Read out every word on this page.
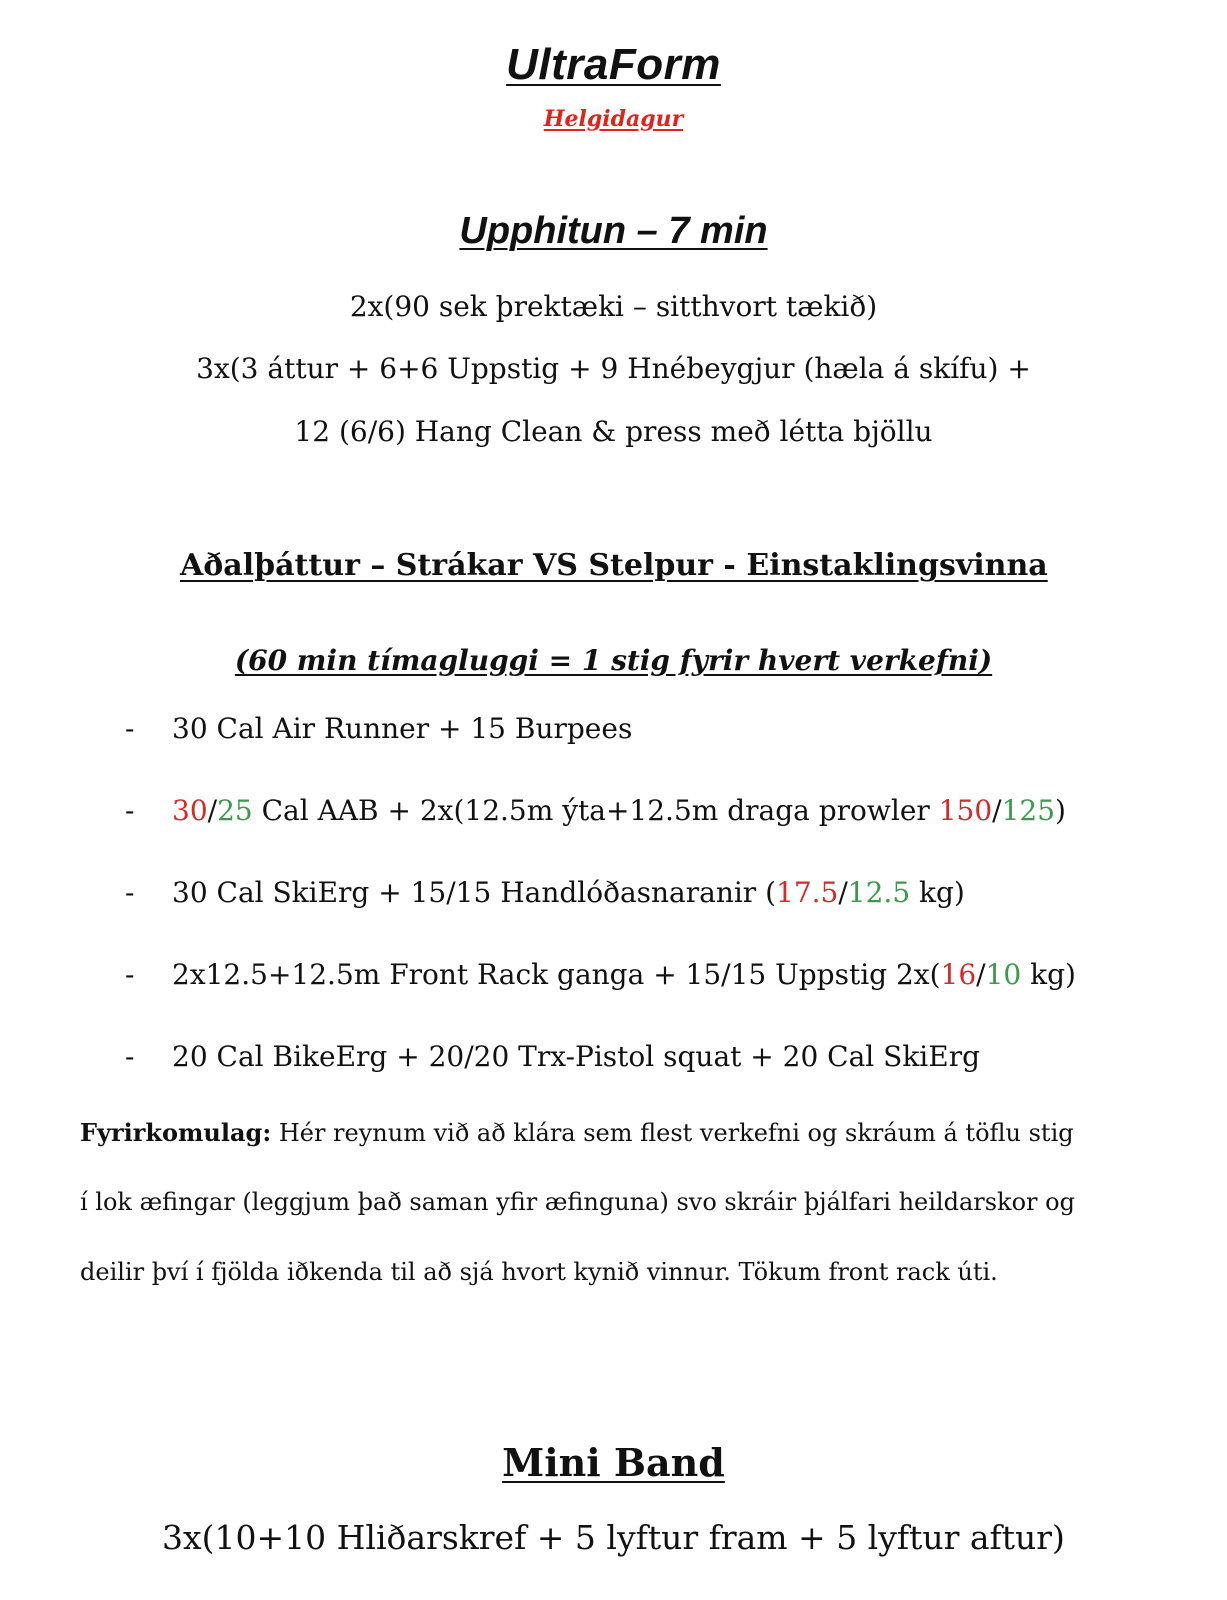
UltraForm
Helgidagur
Upphitun – 7 min
2x(90 sek þrektæki – sitthvort tækið)
3x(3 áttur + 6+6 Uppstig + 9 Hnébeygjur (hæla á skífu) +
12 (6/6) Hang Clean & press með létta bjöllu
Aðalþáttur – Strákar VS Stelpur - Einstaklingsvinna
(60 min tímagluggi = 1 stig fyrir hvert verkefni)
- 30 Cal Air Runner + 15 Burpees
- 30/25 Cal AAB + 2x(12.5m ýta+12.5m draga prowler 150/125)
- 30 Cal SkiErg + 15/15 Handlóðasnaranir (17.5/12.5 kg)
- 2x12.5+12.5m Front Rack ganga + 15/15 Uppstig 2x(16/10 kg)
- 20 Cal BikeErg + 20/20 Trx-Pistol squat + 20 Cal SkiErg
Fyrirkomulag: Hér reynum við að klára sem flest verkefni og skráum á töflu stig
í lok æfingar (leggjum það saman yfir æfinguna) svo skráir þjálfari heildarskor og
deilir því í fjölda iðkenda til að sjá hvort kynið vinnur. Tökum front rack úti.
Mini Band
3x(10+10 Hliðarskref + 5 lyftur fram + 5 lyftur aftur)
